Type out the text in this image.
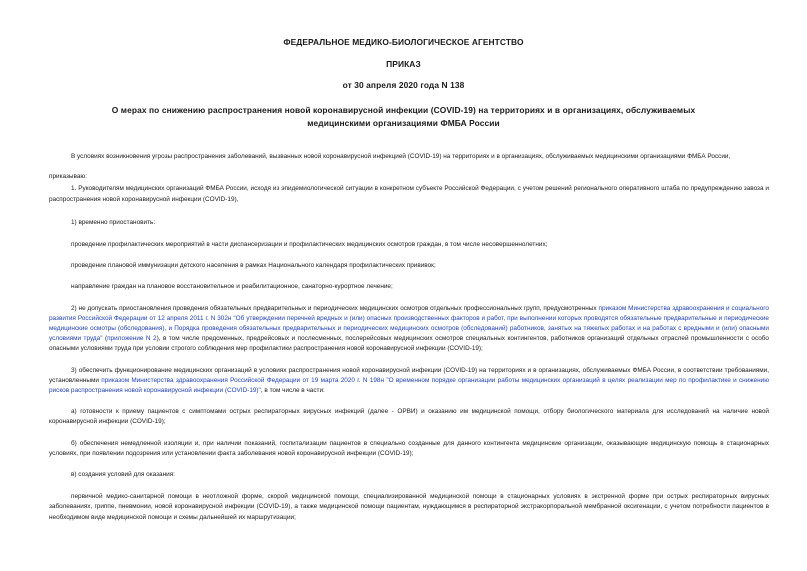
ФЕДЕРАЛЬНОЕ МЕДИКО-БИОЛОГИЧЕСКОЕ АГЕНТСТВО
ПРИКАЗ
от 30 апреля 2020 года N 138
О мерах по снижению распространения новой коронавирусной инфекции (COVID-19) на территориях и в организациях, обслуживаемых медицинскими организациями ФМБА России

В условиях возникновения угрозы распространения заболеваний, вызванных новой коронавирусной инфекцией (COVID-19) на территориях и в организациях, обслуживаемых медицинскими организациями ФМБА России,

приказываю:

1. Руководителям медицинских организаций ФМБА России, исходя из эпидемиологической ситуации в конкретном субъекте Российской Федерации, с учетом решений регионального оперативного штаба по предупреждению завоза и распространения новой коронавирусной инфекции (COVID-19),

1) временно приостановить:

проведение профилактических мероприятий в части диспансеризации и профилактических медицинских осмотров граждан, в том числе несовершеннолетних;

проведение плановой иммунизации детского населения в рамках Национального календаря профилактических прививок;

направление граждан на плановое восстановительное и реабилитационное, санаторно-курортное лечение;

2) не допускать приостановления проведения обязательных предварительных и периодических медицинских осмотров отдельных профессиональных групп, предусмотренных приказом Министерства здравоохранения и социального развития Российской Федерации от 12 апреля 2011 г. N 302н "Об утверждении перечней вредных и (или) опасных производственных факторов и работ, при выполнении которых проводятся обязательные предварительные и периодические медицинские осмотры (обследования), и Порядка проведения обязательных предварительных и периодических медицинских осмотров (обследований) работников, занятых на тяжелых работах и на работах с вредными и (или) опасными условиями труда" (приложение N 2), в том числе предсменных, предрейсовых и послесменных, послерейсовых медицинских осмотров специальных контингентов, работников организаций отдельных отраслей промышленности с особо опасными условиями труда при условии строгого соблюдения мер профилактики распространения новой коронавирусной инфекции (COVID-19);

3) обеспечить функционирование медицинских организаций в условиях распространения новой коронавирусной инфекции (COVID-19) на территориях и в организациях, обслуживаемых ФМБА России, в соответствии требованиями, установленными приказом Министерства здравоохранения Российской Федерации от 19 марта 2020 г. N 198н "О временном порядке организации работы медицинских организаций в целях реализации мер по профилактике и снижению рисков распространения новой коронавирусной инфекции (COVID-19)", в том числе в части:

а) готовности к приему пациентов с симптомами острых респираторных вирусных инфекций (далее - ОРВИ) и оказанию им медицинской помощи, отбору биологического материала для исследований на наличие новой коронавирусной инфекции (COVID-19);

б) обеспечения немедленной изоляции и, при наличии показаний, госпитализации пациентов в специально созданные для данного контингента медицинские организации, оказывающие медицинскую помощь в стационарных условиях, при появлении подозрения или установлении факта заболевания новой коронавирусной инфекции (COVID-19);

в) создания условий для оказания:

первичной медико-санитарной помощи в неотложной форме, скорой медицинской помощи, специализированной медицинской помощи в стационарных условиях в экстренной форме при острых респираторных вирусных заболеваниях, гриппе, пневмонии, новой коронавирусной инфекции (COVID-19), а также медицинской помощи пациентам, нуждающимся в респираторной экстракорпоральной мембранной оксигенации, с учетом потребности пациентов в необходимом виде медицинской помощи и схемы дальнейшей их маршрутизации;
